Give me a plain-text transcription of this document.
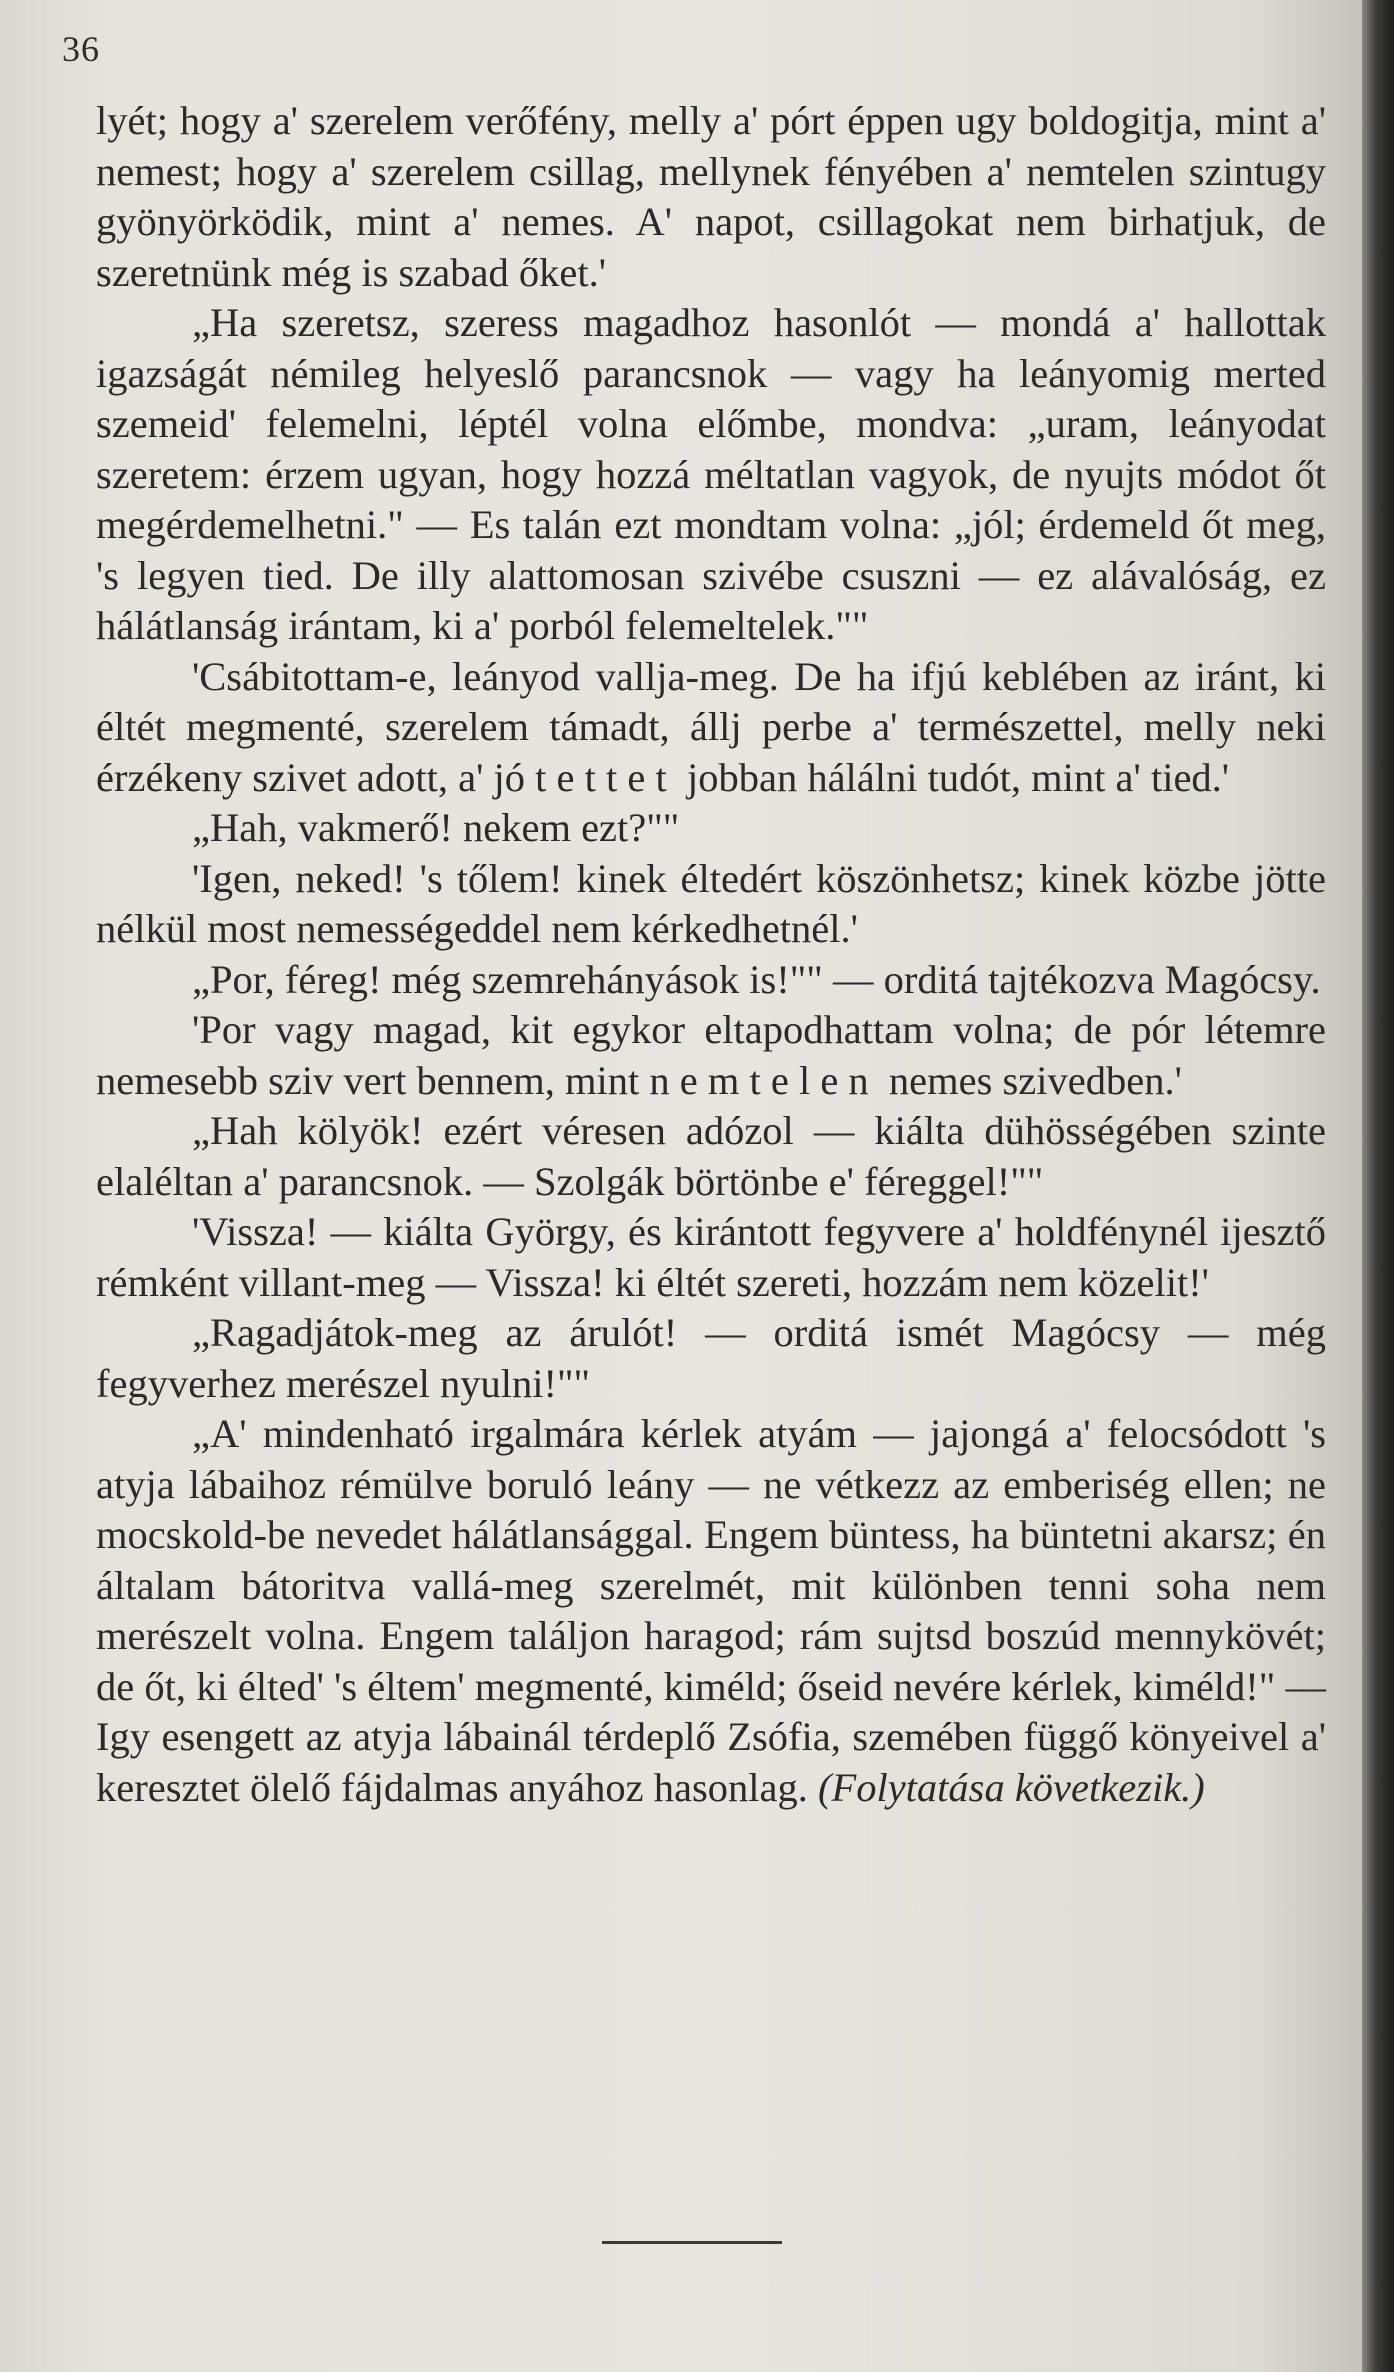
36

lyét; hogy a' szerelem verőfény, melly a' pórt éppen ugy boldogitja, mint a' nemest; hogy a' szerelem csillag, mellynek fényében a' nemtelen szintugy gyönyörködik, mint a' nemes. A' napot, csillagokat nem birhatjuk, de szeretnünk még is szabad őket.'

„Ha szeretsz, szeress magadhoz hasonlót — mondá a' hallottak igazságát némileg helyeslő parancsnok — vagy ha leányomig merted szemeid' felemelni, léptél volna előmbe, mondva: „uram, leányodat szeretem: érzem ugyan, hogy hozzá méltatlan vagyok, de nyujts módot őt megérdemelhetni." — Es talán ezt mondtam volna: „jól; érdemeld őt meg, 's legyen tied. De illy alattomosan szivébe csuszni — ez alávalóság, ez hálátlanság irántam, ki a' porból felemeltelek.""

'Csábitottam-e, leányod vallja-meg. De ha ifjú keblében az iránt, ki éltét megmenté, szerelem támadt, állj perbe a' természettel, melly neki érzékeny szivet adott, a' jó tettet jobban hálálni tudót, mint a' tied.'

„Hah, vakmerő! nekem ezt?""

'Igen, neked! 's tőlem! kinek éltedért köszönhetsz; kinek közbe jötte nélkül most nemességeddel nem kérkedhetnél.'

„Por, féreg! még szemrehányások is!"" — orditá tajtékozva Magócsy.

'Por vagy magad, kit egykor eltapodhattam volna; de pór létemre nemesebb sziv vert bennem, mint nemtelen nemes szivedben.'

„Hah kölyök! ezért véresen adózol — kiálta dühösségében szinte elaléltan a' parancsnok. — Szolgák börtönbe e' féreggel!""

'Vissza! — kiálta György, és kirántott fegyvere a' holdfénynél ijesztő rémként villant-meg — Vissza! ki éltét szereti, hozzám nem közelit!'

„Ragadjátok-meg az árulót! — orditá ismét Magócsy — még fegyverhez merészel nyulni!""

„A' mindenható irgalmára kérlek atyám — jajongá a' felocsódott 's atyja lábaihoz rémülve boruló leány — ne vétkezz az emberiség ellen; ne mocskold-be nevedet hálátlansággal. Engem büntess, ha büntetni akarsz; én általam bátoritva vallá-meg szerelmét, mit különben tenni soha nem merészelt volna. Engem találjon haragod; rám sujtsd boszúd mennykövét; de őt, ki élted' 's éltem' megmenté, kiméld; őseid nevére kérlek, kiméld!" — Igy esengett az atyja lábainál térdeplő Zsófia, szemében függő könyeivel a' keresztet ölelő fájdalmas anyához hasonlag. (Folytatása következik.)
